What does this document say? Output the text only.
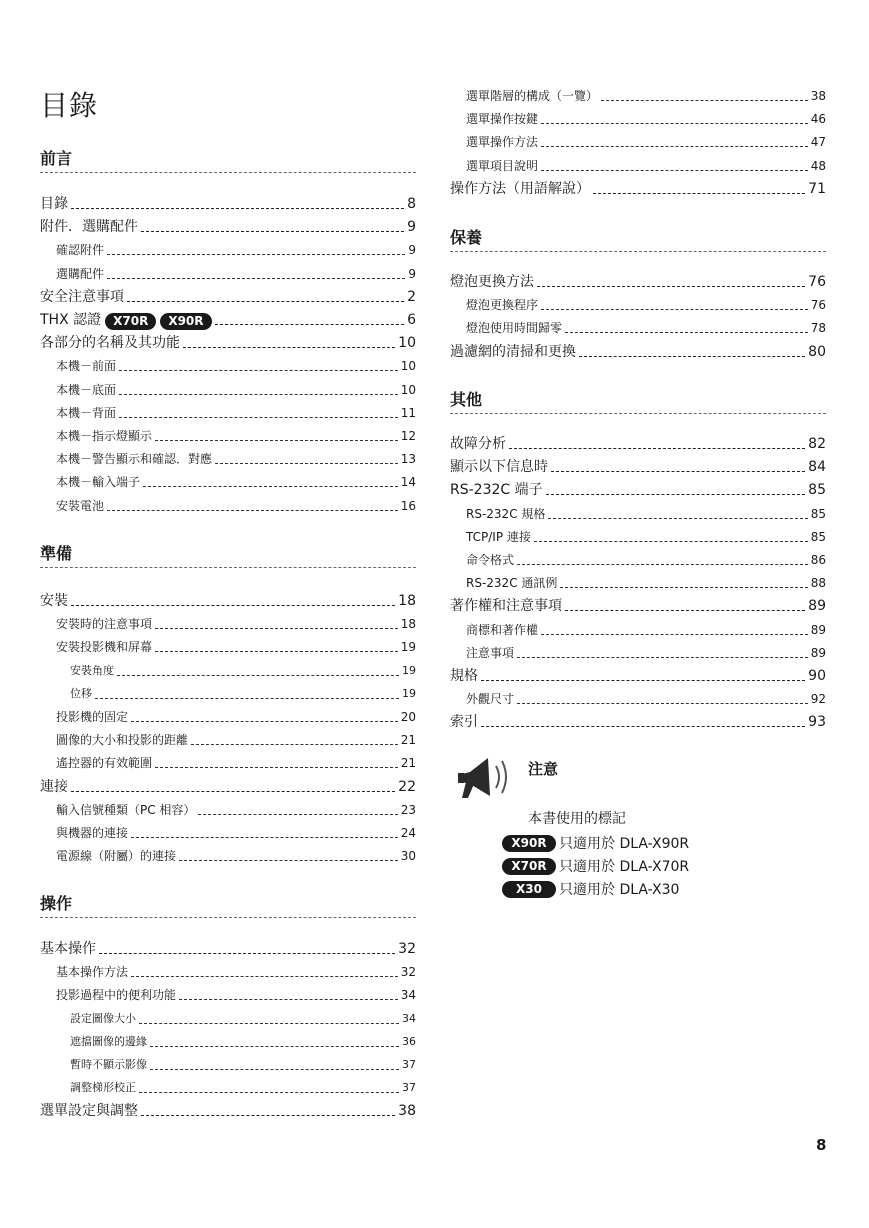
目錄
前言
目錄	8
附件．選購配件	9
確認附件	9
選購配件	9
安全注意事項	2
THX 認證	X70R	X90R	6
各部分的名稱及其功能	10
本機－前面	10
本機－底面	10
本機－背面	11
本機－指示燈顯示	12
本機－警告顯示和確認．對應	13
本機－輸入端子	14
安裝電池	16
準備
安裝	18
安裝時的注意事項	18
安裝投影機和屏幕	19
安裝角度	19
位移	19
投影機的固定	20
圖像的大小和投影的距離	21
遙控器的有效範圍	21
連接	22
輸入信號種類（PC 相容）	23
與機器的連接	24
電源線（附屬）的連接	30
操作
基本操作	32
基本操作方法	32
投影過程中的便利功能	34
設定圖像大小	34
遮擋圖像的邊緣	36
暫時不顯示影像	37
調整梯形校正	37
選單設定與調整	38
選單階層的構成（一覽）	38
選單操作按鍵	46
選單操作方法	47
選單項目說明	48
操作方法（用語解說）	71
保養
燈泡更換方法	76
燈泡更換程序	76
燈泡使用時間歸零	78
過濾網的清掃和更換	80
其他
故障分析	82
顯示以下信息時	84
RS-232C 端子	85
RS-232C 規格	85
TCP/IP 連接	85
命令格式	86
RS-232C 通訊例	88
著作權和注意事項	89
商標和著作權	89
注意事項	89
規格	90
外觀尺寸	92
索引	93
注意
本書使用的標記
X90R 只適用於 DLA-X90R
X70R 只適用於 DLA-X70R
X30	只適用於 DLA-X30
8
